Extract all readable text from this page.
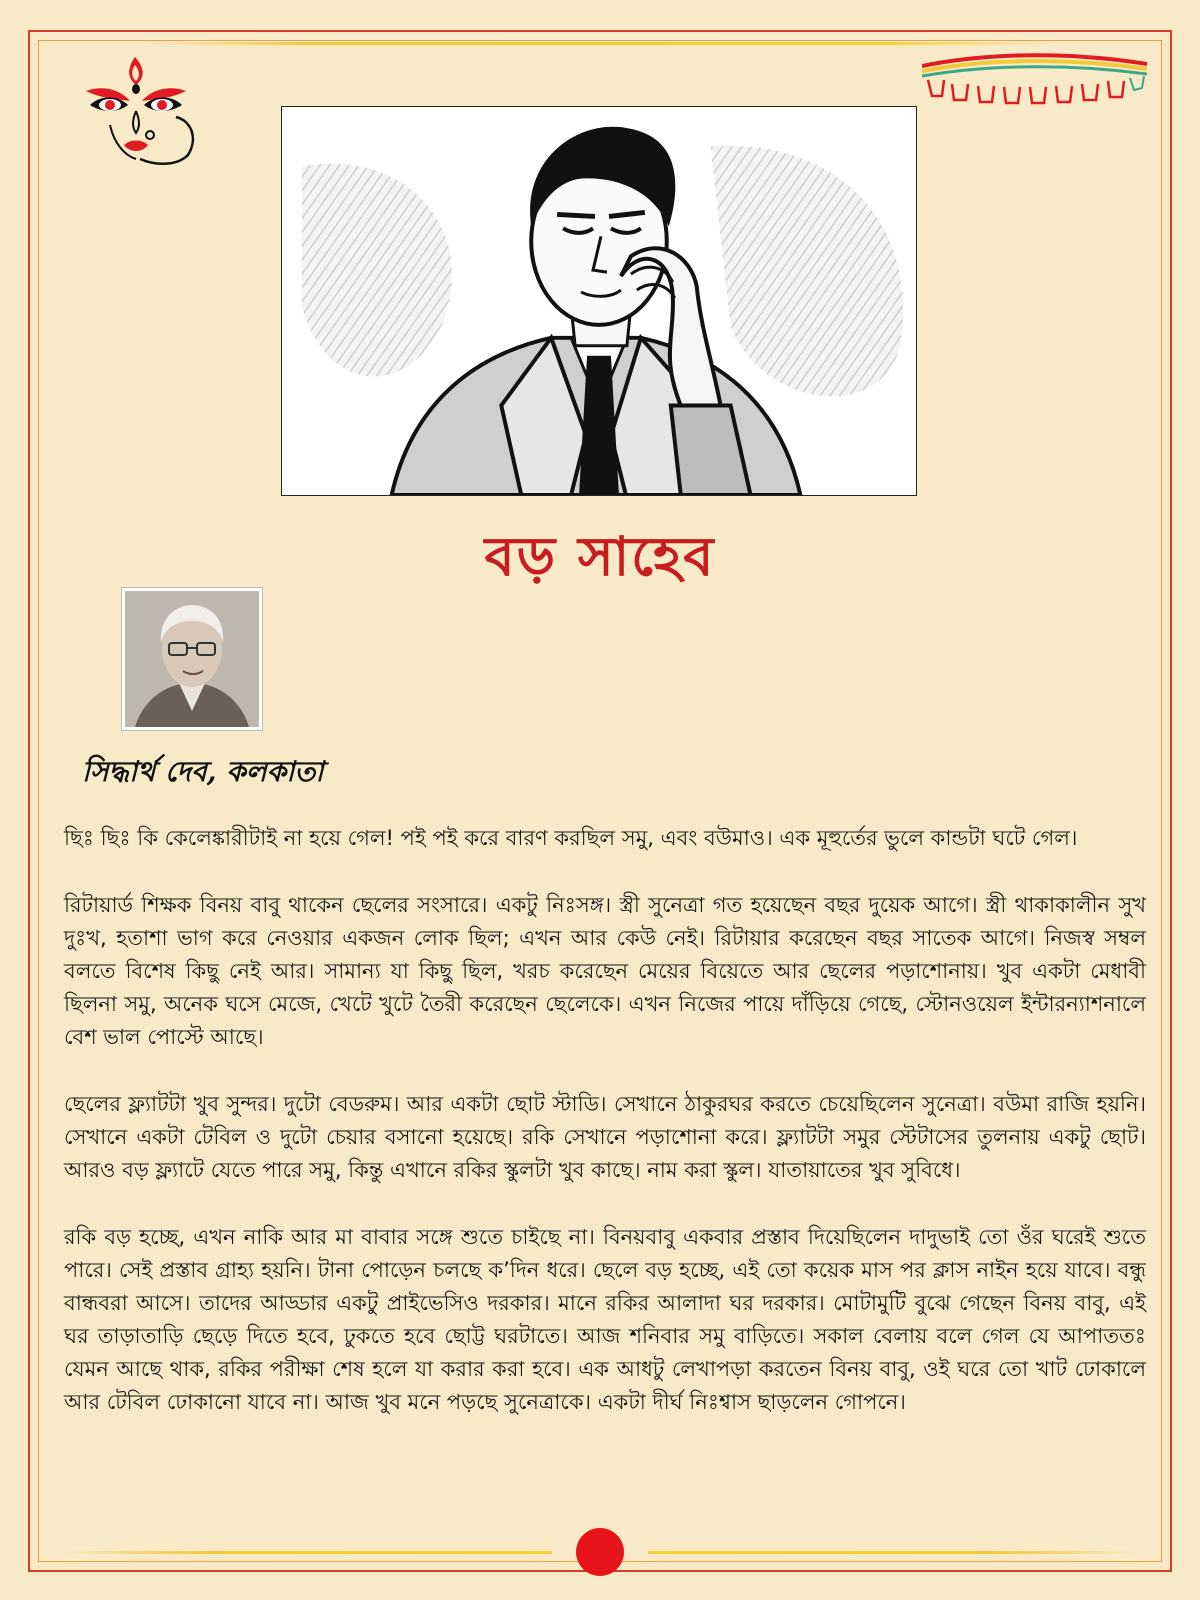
বড় সাহেব
সিদ্ধার্থ দেব, কলকাতা

ছিঃ ছিঃ কি কেলেঙ্কারীটাই না হয়ে গেল! পই পই করে বারণ করছিল সমু, এবং বউমাও। এক মূহুর্তের ভুলে কান্ডটা ঘটে গেল।

রিটায়ার্ড শিক্ষক বিনয় বাবু থাকেন ছেলের সংসারে। একটু নিঃসঙ্গ। স্ত্রী সুনেত্রা গত হয়েছেন বছর দুয়েক আগে। স্ত্রী থাকাকালীন সুখ দুঃখ, হতাশা ভাগ করে নেওয়ার একজন লোক ছিল; এখন আর কেউ নেই। রিটায়ার করেছেন বছর সাতেক আগে। নিজস্ব সম্বল বলতে বিশেষ কিছু নেই আর। সামান্য যা কিছু ছিল, খরচ করেছেন মেয়ের বিয়েতে আর ছেলের পড়াশোনায়। খুব একটা মেধাবী ছিলনা সমু, অনেক ঘসে মেজে, খেটে খুটে তৈরী করেছেন ছেলেকে। এখন নিজের পায়ে দাঁড়িয়ে গেছে, স্টোনওয়েল ইন্টারন্যাশনালে বেশ ভাল পোস্টে আছে।

ছেলের ফ্ল্যাটটা খুব সুন্দর। দুটো বেডরুম। আর একটা ছোট স্টাডি। সেখানে ঠাকুরঘর করতে চেয়েছিলেন সুনেত্রা। বউমা রাজি হয়নি। সেখানে একটা টেবিল ও দুটো চেয়ার বসানো হয়েছে। রকি সেখানে পড়াশোনা করে। ফ্ল্যাটটা সমুর স্টেটাসের তুলনায় একটু ছোট। আরও বড় ফ্ল্যাটে যেতে পারে সমু, কিন্তু এখানে রকির স্কুলটা খুব কাছে। নাম করা স্কুল। যাতায়াতের খুব সুবিধে।

রকি বড় হচ্ছে, এখন নাকি আর মা বাবার সঙ্গে শুতে চাইছে না। বিনয়বাবু একবার প্রস্তাব দিয়েছিলেন দাদুভাই তো ওঁর ঘরেই শুতে পারে। সেই প্রস্তাব গ্রাহ্য হয়নি। টানা পোড়েন চলছে ক’দিন ধরে। ছেলে বড় হচ্ছে, এই তো কয়েক মাস পর ক্লাস নাইন হয়ে যাবে। বন্ধু বান্ধবরা আসে। তাদের আড্ডার একটু প্রাইভেসিও দরকার। মানে রকির আলাদা ঘর দরকার। মোটামুটি বুঝে গেছেন বিনয় বাবু, এই ঘর তাড়াতাড়ি ছেড়ে দিতে হবে, ঢুকতে হবে ছোট্ট ঘরটাতে। আজ শনিবার সমু বাড়িতে। সকাল বেলায় বলে গেল যে আপাততঃ যেমন আছে থাক, রকির পরীক্ষা শেষ হলে যা করার করা হবে। এক আধটু লেখাপড়া করতেন বিনয় বাবু, ওই ঘরে তো খাট ঢোকালে আর টেবিল ঢোকানো যাবে না। আজ খুব মনে পড়ছে সুনেত্রাকে। একটা দীর্ঘ নিঃশ্বাস ছাড়লেন গোপনে।
